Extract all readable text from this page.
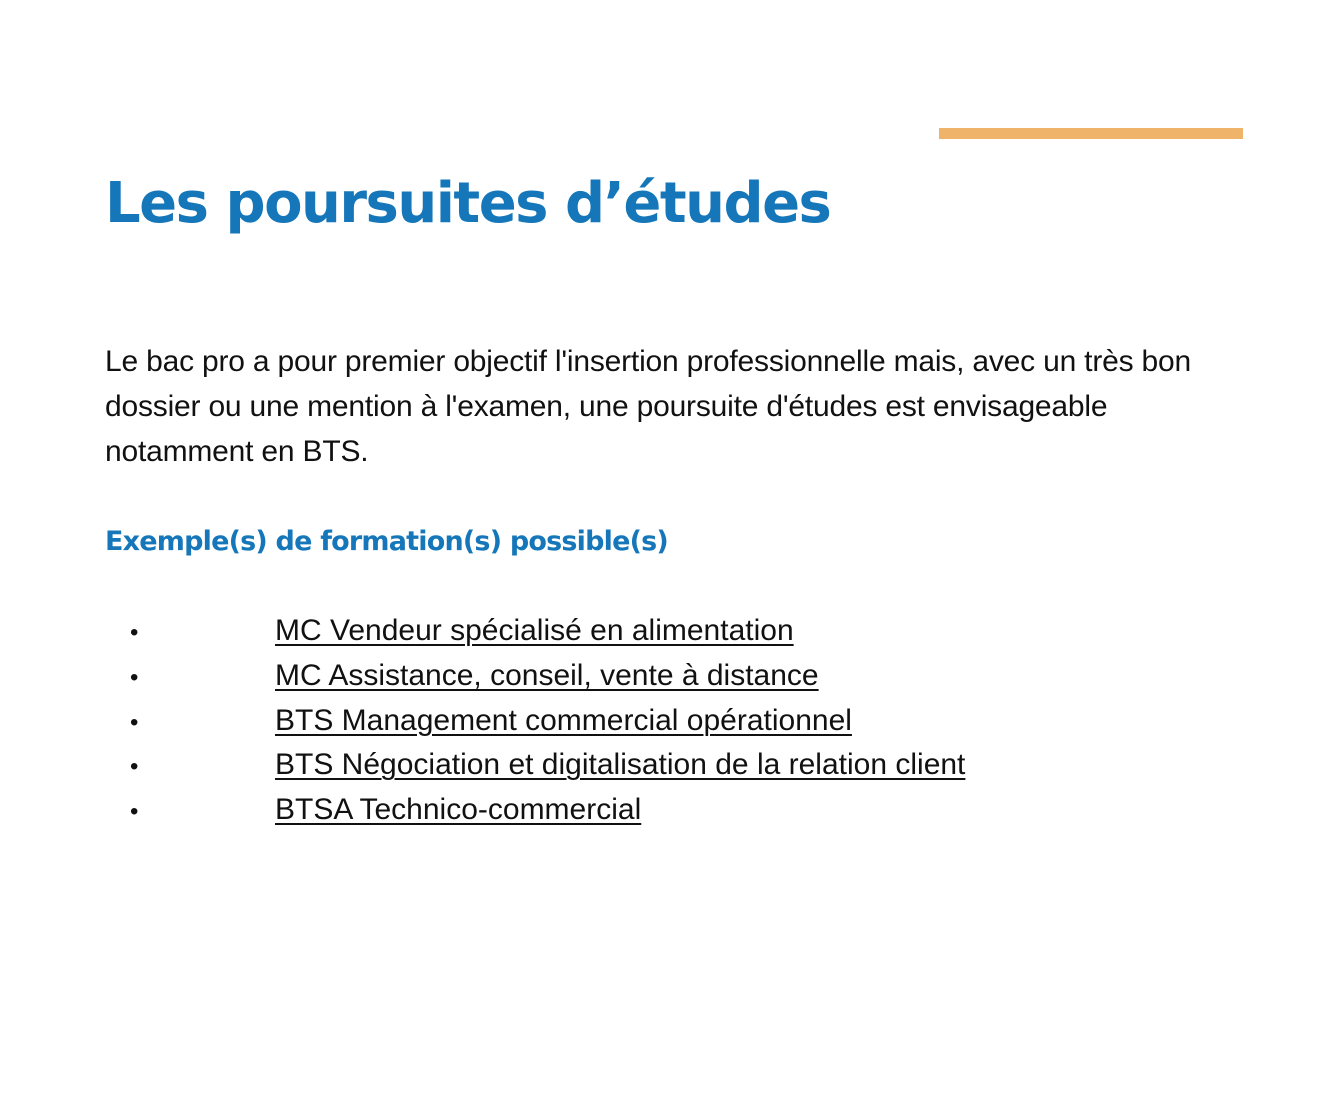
Les poursuites d’études

Le bac pro a pour premier objectif l'insertion professionnelle mais, avec un très bon dossier ou une mention à l'examen, une poursuite d'études est envisageable notamment en BTS.

Exemple(s) de formation(s) possible(s)
•	MC Vendeur spécialisé en alimentation
•	MC Assistance, conseil, vente à distance
•	BTS Management commercial opérationnel
•	BTS Négociation et digitalisation de la relation client
•	BTSA Technico-commercial
